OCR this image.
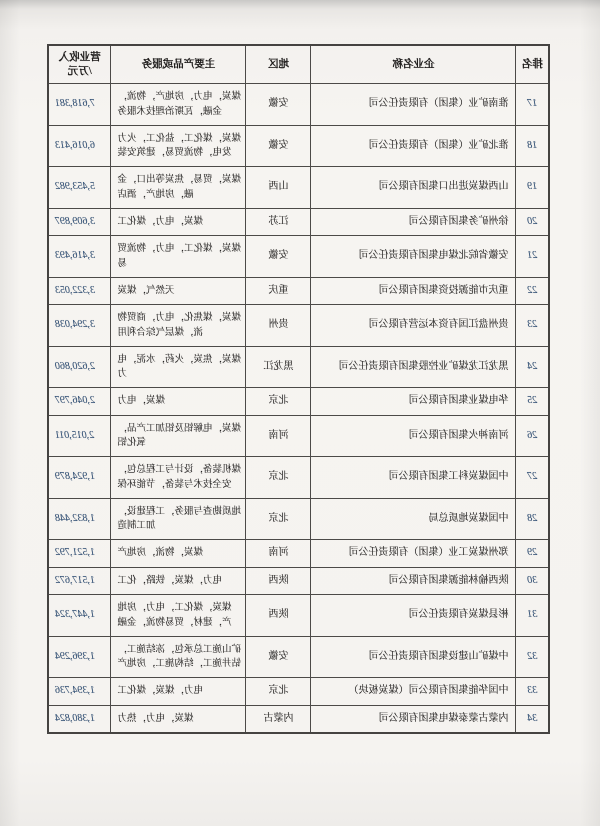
排名	企业名称	地区	主要产品或服务	营业收入
/万元

17	淮南矿业（集团）有限责任公司	安徽	煤炭，电力，房地产，物流，金融，瓦斯治理技术服务	7,618,381
18	淮北矿业（集团）有限责任公司	安徽	煤炭，煤化工，盐化工，火力发电，物流贸易，建筑安装	6,016,413
19	山西煤炭进出口集团有限公司	山西	煤炭，贸易，焦炭等出口，金融，房地产，酒店	5,453,982
20	徐州矿务集团有限公司	江苏	煤炭，电力，煤化工	3,609,897
21	安徽省皖北煤电集团有限责任公司	安徽	煤炭，煤化工，电力，物流贸易	3,416,493
22	重庆市能源投资集团有限公司	重庆	天然气，煤炭	3,322,053
23	贵州盘江国有资本运营有限公司	贵州	煤炭，煤焦化，电力，商贸物流，煤层气综合利用	3,294,038
24	黑龙江龙煤矿业控股集团有限责任公司	黑龙江	煤炭，焦炭，火药，水泥，电力	2,620,860
25	华电煤业集团有限公司	北京	煤炭，电力	2,046,797
26	河南神火集团有限公司	河南	煤炭，电解铝及铝加工产品，氧化铝	2,015,011
27	中国煤炭科工集团有限公司	北京	煤机装备，设计与工程总包，安全技术与装备，节能环保	1,924,879
28	中国煤炭地质总局	北京	地质勘查与服务，工程建设，加工制造	1,832,448
29	郑州煤炭工业（集团）有限责任公司	河南	煤炭，物流，房地产	1,521,792
30	陕西榆林能源集团有限公司	陕西	电力，煤炭，铁路，化工	1,517,672
31	彬县煤炭有限责任公司	陕西	煤炭，煤化工，电力，房地产，建材，贸易物流，金融	1,447,324
32	中煤矿山建设集团有限责任公司	安徽	矿山施工总承包，冻结施工，钻井施工，结构施工，房地产	1,396,294
33	中国华能集团有限公司（煤炭板块）	北京	电力，煤炭，煤化工	1,394,736
34	内蒙古蒙泰煤电集团有限公司	内蒙古	煤炭，电力，热力	1,380,824
